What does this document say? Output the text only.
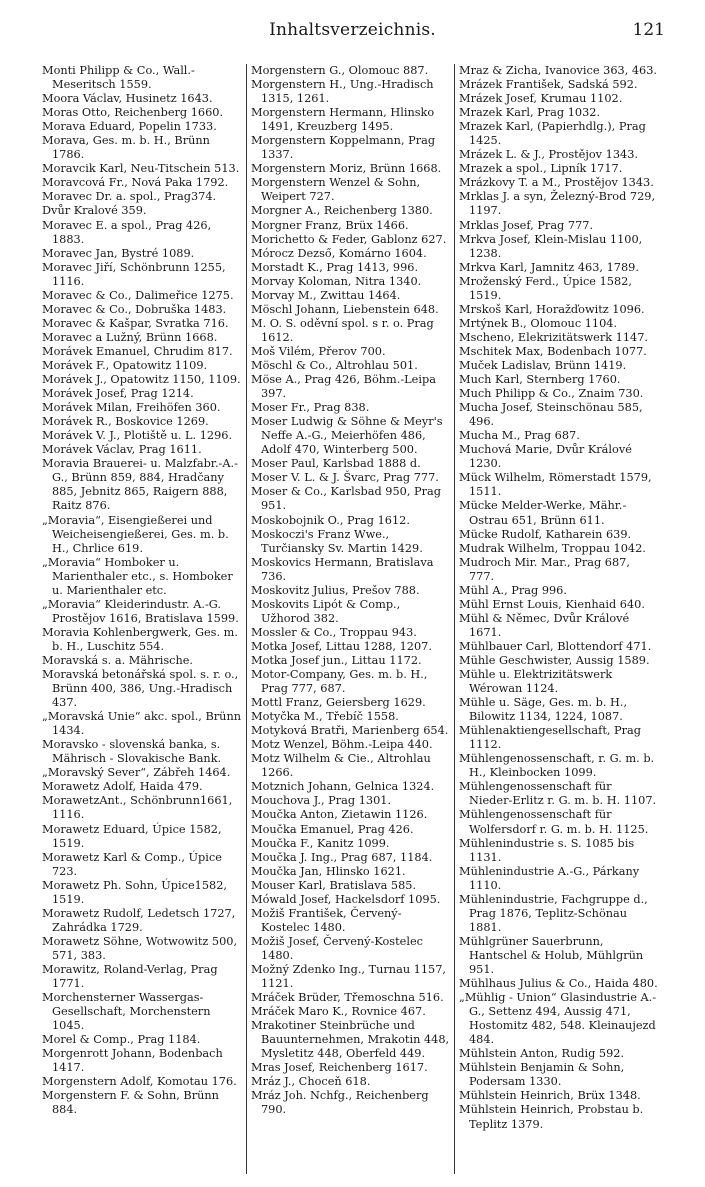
Inhaltsverzeichnis.	121
Monti Philipp & Co., Wall.-Meseritsch 1559.
Moora Václav, Husinetz 1643.
Moras Otto, Reichenberg 1660.
Morava Eduard, Popelin 1733.
Morava, Ges. m. b. H., Brünn 1786.
Moravcik Karl, Neu-Titschein 513.
Moravcová Fr., Nová Paka 1792.
Moravec Dr. a. spol., Prag374.
Dvůr Kralové 359.
Moravec E. a spol., Prag 426, 1883.
Moravec Jan, Bystré 1089.
Moravec Jiří, Schönbrunn 1255, 1116.
Moravec & Co., Dalimeřice 1275.
Moravec & Co., Dobruška 1483.
Moravec & Kašpar, Svratka 716.
Moravec a Lužný, Brünn 1668.
Morávek Emanuel, Chrudim 817.
Morávek F., Opatowitz 1109.
Morávek J., Opatowitz 1150, 1109.
Morávek Josef, Prag 1214.
Morávek Milan, Freihöfen 360.
Morávek R., Boskovice 1269.
Morávek V. J., Plotiště u. L. 1296.
Morávek Václav, Prag 1611.
Moravia Brauerei- u. Malzfabr.-A.-G., Brünn 859, 884, Hradčany 885, Jebnitz 865, Raigern 888, Raitz 876.
„Moravia“, Eisengießerei und Weicheisengießerei, Ges. m. b. H., Chrlice 619.
„Moravia“ Homboker u. Marienthaler etc., s. Homboker u. Marienthaler etc.
„Moravia“ Kleiderindustr. A.-G. Prostějov 1616, Bratislava 1599.
Moravia Kohlenbergwerk, Ges. m. b. H., Luschitz 554.
Moravská s. a. Mährische.
Moravská betonářská spol. s. r. o., Brünn 400, 386, Ung.-Hradisch 437.
„Moravská Unie“ akc. spol., Brünn 1434.
Moravsko - slovenská banka, s. Mährisch - Slovakische Bank.
„Moravský Sever“, Zábřeh 1464.
Morawetz Adolf, Haida 479.
MorawetzAnt., Schönbrunn1661, 1116.
Morawetz Eduard, Úpice 1582, 1519.
Morawetz Karl & Comp., Úpice 723.
Morawetz Ph. Sohn, Úpice1582, 1519.
Morawetz Rudolf, Ledetsch 1727, Zahrádka 1729.
Morawetz Söhne, Wotwowitz 500, 571, 383.
Morawitz, Roland-Verlag, Prag 1771.
Morchensterner Wassergas-Gesellschaft, Morchenstern 1045.
Morel & Comp., Prag 1184.
Morgenrott Johann, Bodenbach 1417.
Morgenstern Adolf, Komotau 176.
Morgenstern F. & Sohn, Brünn 884.
Morgenstern G., Olomouc 887.
Morgenstern H., Ung.-Hradisch 1315, 1261.
Morgenstern Hermann, Hlinsko 1491, Kreuzberg 1495.
Morgenstern Koppelmann, Prag 1337.
Morgenstern Moriz, Brünn 1668.
Morgenstern Wenzel & Sohn, Weipert 727.
Morgner A., Reichenberg 1380.
Morgner Franz, Brüx 1466.
Morichetto & Feder, Gablonz 627.
Mórocz Dezső, Komárno 1604.
Morstadt K., Prag 1413, 996.
Morvay Koloman, Nitra 1340.
Morvay M., Zwittau 1464.
Möschl Johann, Liebenstein 648.
M. O. S. oděvní spol. s r. o. Prag 1612.
Moš Vilém, Přerov 700.
Möschl & Co., Altrohlau 501.
Möse A., Prag 426, Böhm.-Leipa 397.
Moser Fr., Prag 838.
Moser Ludwig & Söhne & Meyr's Neffe A.-G., Meierhöfen 486, Adolf 470, Winterberg 500.
Moser Paul, Karlsbad 1888 d.
Moser V. L. & J. Švarc, Prag 777.
Moser & Co., Karlsbad 950, Prag 951.
Moskobojnik O., Prag 1612.
Moskoczi's Franz Wwe., Turčiansky Sv. Martin 1429.
Moskovics Hermann, Bratislava 736.
Moskovitz Julius, Prešov 788.
Moskovits Lipót & Comp., Užhorod 382.
Mossler & Co., Troppau 943.
Motka Josef, Littau 1288, 1207.
Motka Josef jun., Littau 1172.
Motor-Company, Ges. m. b. H., Prag 777, 687.
Mottl Franz, Geiersberg 1629.
Motyčka M., Třebíč 1558.
Motyková Bratři, Marienberg 654.
Motz Wenzel, Böhm.-Leipa 440.
Motz Wilhelm & Cie., Altrohlau 1266.
Motznich Johann, Gelnica 1324.
Mouchova J., Prag 1301.
Moučka Anton, Zietawin 1126.
Moučka Emanuel, Prag 426.
Moučka F., Kanitz 1099.
Moučka J. Ing., Prag 687, 1184.
Moučka Jan, Hlinsko 1621.
Mouser Karl, Bratislava 585.
Mówald Josef, Hackelsdorf 1095.
Možiš František, Červený-Kostelec 1480.
Možiš Josef, Červený-Kostelec 1480.
Možný Zdenko Ing., Turnau 1157, 1121.
Mráček Brüder, Třemoschna 516.
Mráček Maro K., Rovnice 467.
Mrakotiner Steinbrüche und Bauunternehmen, Mrakotin 448, Mysletitz 448, Oberfeld 449.
Mras Josef, Reichenberg 1617.
Mráz J., Choceň 618.
Mráz Joh. Nchfg., Reichenberg 790.
Mraz & Zicha, Ivanovice 363, 463.
Mrázek František, Sadská 592.
Mrázek Josef, Krumau 1102.
Mrazek Karl, Prag 1032.
Mrazek Karl, (Papierhdlg.), Prag 1425.
Mrázek L. & J., Prostějov 1343.
Mrazek a spol., Lipník 1717.
Mrázkovy T. a M., Prostějov 1343.
Mrklas J. a syn, Železný-Brod 729, 1197.
Mrklas Josef, Prag 777.
Mrkva Josef, Klein-Mislau 1100, 1238.
Mrkva Karl, Jamnitz 463, 1789.
Mroženský Ferd., Úpice 1582, 1519.
Mrskoš Karl, Horažďowitz 1096.
Mrtýnek B., Olomouc 1104.
Mscheno, Elekrizitätswerk 1147.
Mschitek Max, Bodenbach 1077.
Muček Ladislav, Brünn 1419.
Much Karl, Sternberg 1760.
Much Philipp & Co., Znaim 730.
Mucha Josef, Steinschönau 585, 496.
Mucha M., Prag 687.
Muchová Marie, Dvůr Králové 1230.
Mück Wilhelm, Römerstadt 1579, 1511.
Mücke Melder-Werke, Mähr.-Ostrau 651, Brünn 611.
Mücke Rudolf, Katharein 639.
Mudrak Wilhelm, Troppau 1042.
Mudroch Mir. Mar., Prag 687, 777.
Mühl A., Prag 996.
Mühl Ernst Louis, Kienhaid 640.
Mühl & Němec, Dvůr Králové 1671.
Mühlbauer Carl, Blottendorf 471.
Mühle Geschwister, Aussig 1589.
Mühle u. Elektrizitätswerk Wérowan 1124.
Mühle u. Säge, Ges. m. b. H., Bilowitz 1134, 1224, 1087.
Mühlenaktiengesellschaft, Prag 1112.
Mühlengenossenschaft, r. G. m. b. H., Kleinbocken 1099.
Mühlengenossenschaft für Nieder-Erlitz r. G. m. b. H. 1107.
Mühlengenossenschaft für Wolfersdorf r. G. m. b. H. 1125.
Mühlenindustrie s. S. 1085 bis 1131.
Mühlenindustrie A.-G., Párkany 1110.
Mühlenindustrie, Fachgruppe d., Prag 1876, Teplitz-Schönau 1881.
Mühlgrüner Sauerbrunn, Hantschel & Holub, Mühlgrün 951.
Mühlhaus Julius & Co., Haida 480.
„Mühlig - Union“ Glasindustrie A.-G., Settenz 494, Aussig 471, Hostomitz 482, 548. Kleinaujezd 484.
Mühlstein Anton, Rudig 592.
Mühlstein Benjamin & Sohn, Podersam 1330.
Mühlstein Heinrich, Brüx 1348.
Mühlstein Heinrich, Probstau b. Teplitz 1379.
